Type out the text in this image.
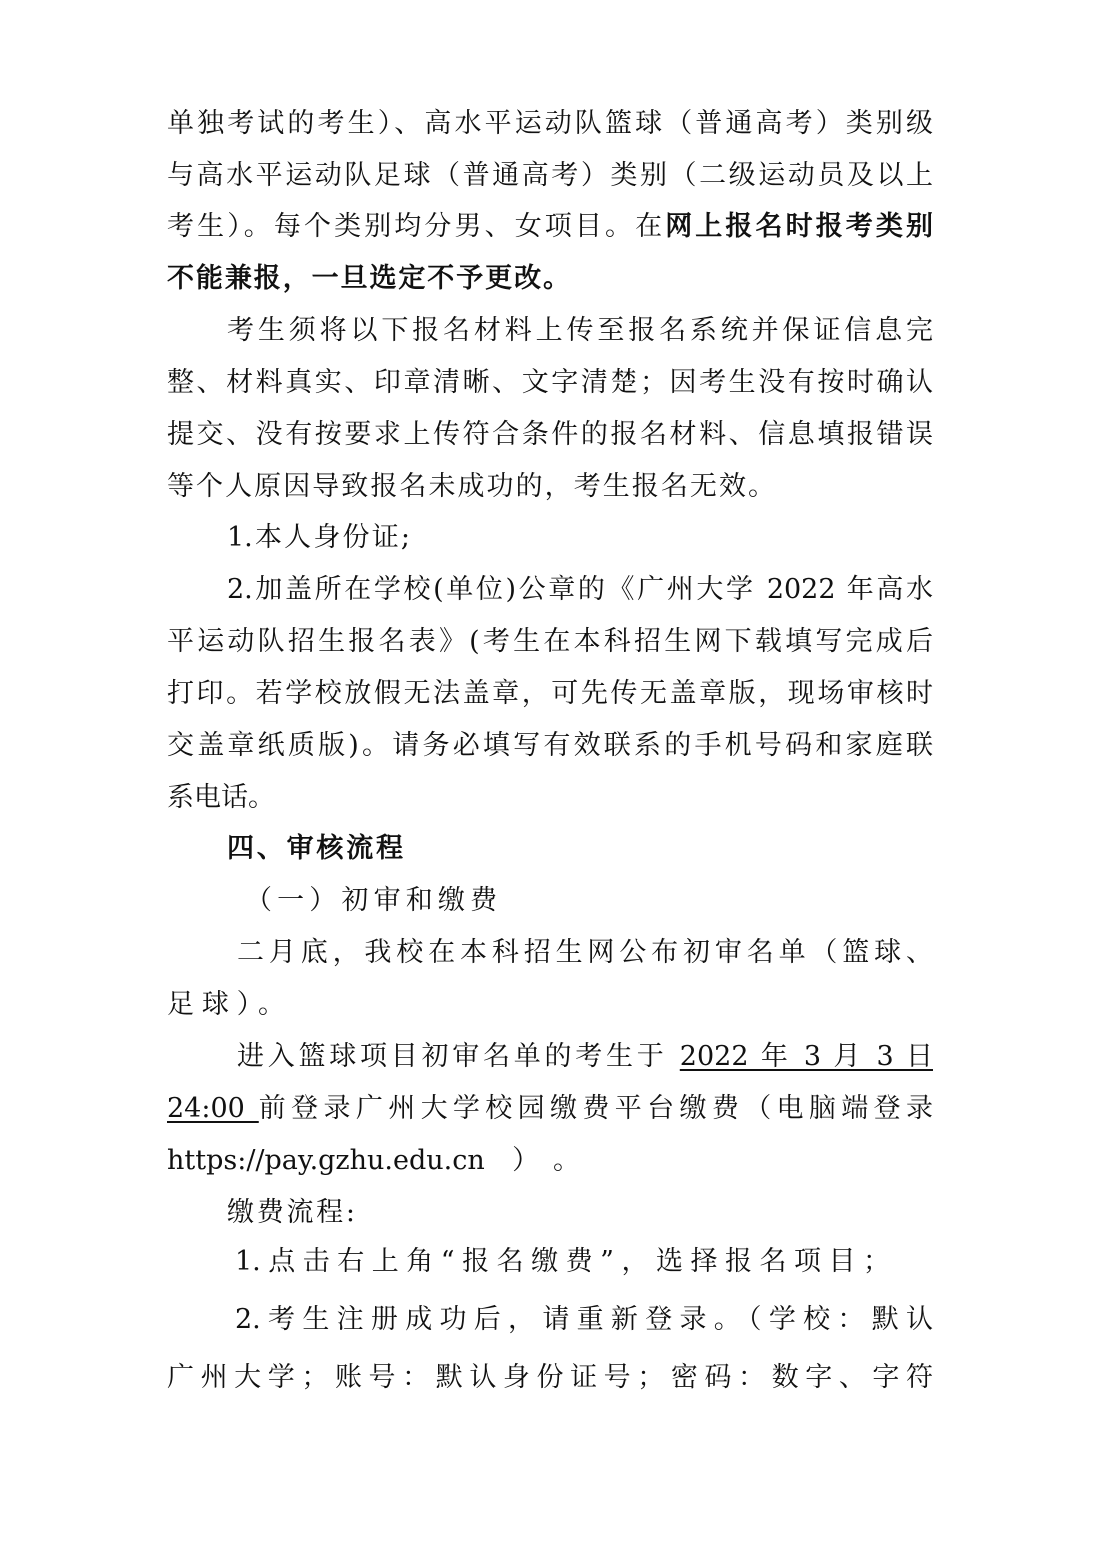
单独考试的考生）、高水平运动队篮球（普通高考）类别级
与高水平运动队足球（普通高考）类别（二级运动员及以上
考生）。每个类别均分男、女项目。在网上报名时报考类别
不能兼报，一旦选定不予更改。
考生须将以下报名材料上传至报名系统并保证信息完
整、材料真实、印章清晰、文字清楚；因考生没有按时确认
提交、没有按要求上传符合条件的报名材料、信息填报错误
等个人原因导致报名未成功的，考生报名无效。
1.本人身份证;
2.加盖所在学校(单位)公章的《广州大学 2022 年高水
平运动队招生报名表》(考生在本科招生网下载填写完成后
打印。若学校放假无法盖章，可先传无盖章版，现场审核时
交盖章纸质版)。请务必填写有效联系的手机号码和家庭联
系电话。
四、审核流程
（一）初审和缴费
二月底，我校在本科招生网公布初审名单（篮球、
足球）。
进入篮球项目初审名单的考生于 2022 年 3 月 3 日
24:00 前登录广州大学校园缴费平台缴费（电脑端登录
https://pay.gzhu.edu.cn）。
缴费流程:
1.点击右上角“报名缴费”，选择报名项目；
2.考生注册成功后，请重新登录。（学校：默认
广州大学；账号：默认身份证号；密码：数字、字符
